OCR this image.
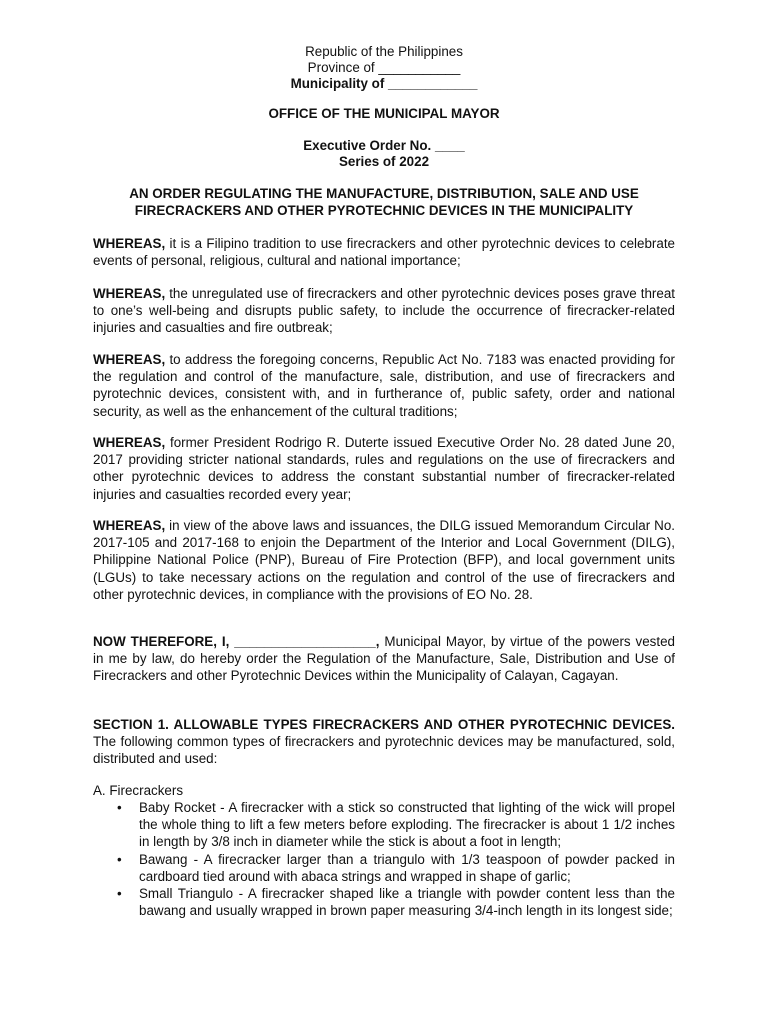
Republic of the Philippines
Province of ___________
Municipality of ____________
OFFICE OF THE MUNICIPAL MAYOR
Executive Order No. ____
Series of 2022
AN ORDER REGULATING THE MANUFACTURE, DISTRIBUTION, SALE AND USE FIRECRACKERS AND OTHER PYROTECHNIC DEVICES IN THE MUNICIPALITY

WHEREAS, it is a Filipino tradition to use firecrackers and other pyrotechnic devices to celebrate events of personal, religious, cultural and national importance;

WHEREAS, the unregulated use of firecrackers and other pyrotechnic devices poses grave threat to one’s well-being and disrupts public safety, to include the occurrence of firecracker-related injuries and casualties and fire outbreak;

WHEREAS, to address the foregoing concerns, Republic Act No. 7183 was enacted providing for the regulation and control of the manufacture, sale, distribution, and use of firecrackers and pyrotechnic devices, consistent with, and in furtherance of, public safety, order and national security, as well as the enhancement of the cultural traditions;

WHEREAS, former President Rodrigo R. Duterte issued Executive Order No. 28 dated June 20, 2017 providing stricter national standards, rules and regulations on the use of firecrackers and other pyrotechnic devices to address the constant substantial number of firecracker-related injuries and casualties recorded every year;

WHEREAS, in view of the above laws and issuances, the DILG issued Memorandum Circular No. 2017-105 and 2017-168 to enjoin the Department of the Interior and Local Government (DILG), Philippine National Police (PNP), Bureau of Fire Protection (BFP), and local government units (LGUs) to take necessary actions on the regulation and control of the use of firecrackers and other pyrotechnic devices, in compliance with the provisions of EO No. 28.

NOW THEREFORE, I, ___________________, Municipal Mayor, by virtue of the powers vested in me by law, do hereby order the Regulation of the Manufacture, Sale, Distribution and Use of Firecrackers and other Pyrotechnic Devices within the Municipality of Calayan, Cagayan.

SECTION 1. ALLOWABLE TYPES FIRECRACKERS AND OTHER PYROTECHNIC DEVICES. The following common types of firecrackers and pyrotechnic devices may be manufactured, sold, distributed and used:

A. Firecrackers
• Baby Rocket - A firecracker with a stick so constructed that lighting of the wick will propel the whole thing to lift a few meters before exploding. The firecracker is about 1 1/2 inches in length by 3/8 inch in diameter while the stick is about a foot in length;
• Bawang - A firecracker larger than a triangulo with 1/3 teaspoon of powder packed in cardboard tied around with abaca strings and wrapped in shape of garlic;
• Small Triangulo - A firecracker shaped like a triangle with powder content less than the bawang and usually wrapped in brown paper measuring 3/4-inch length in its longest side;
